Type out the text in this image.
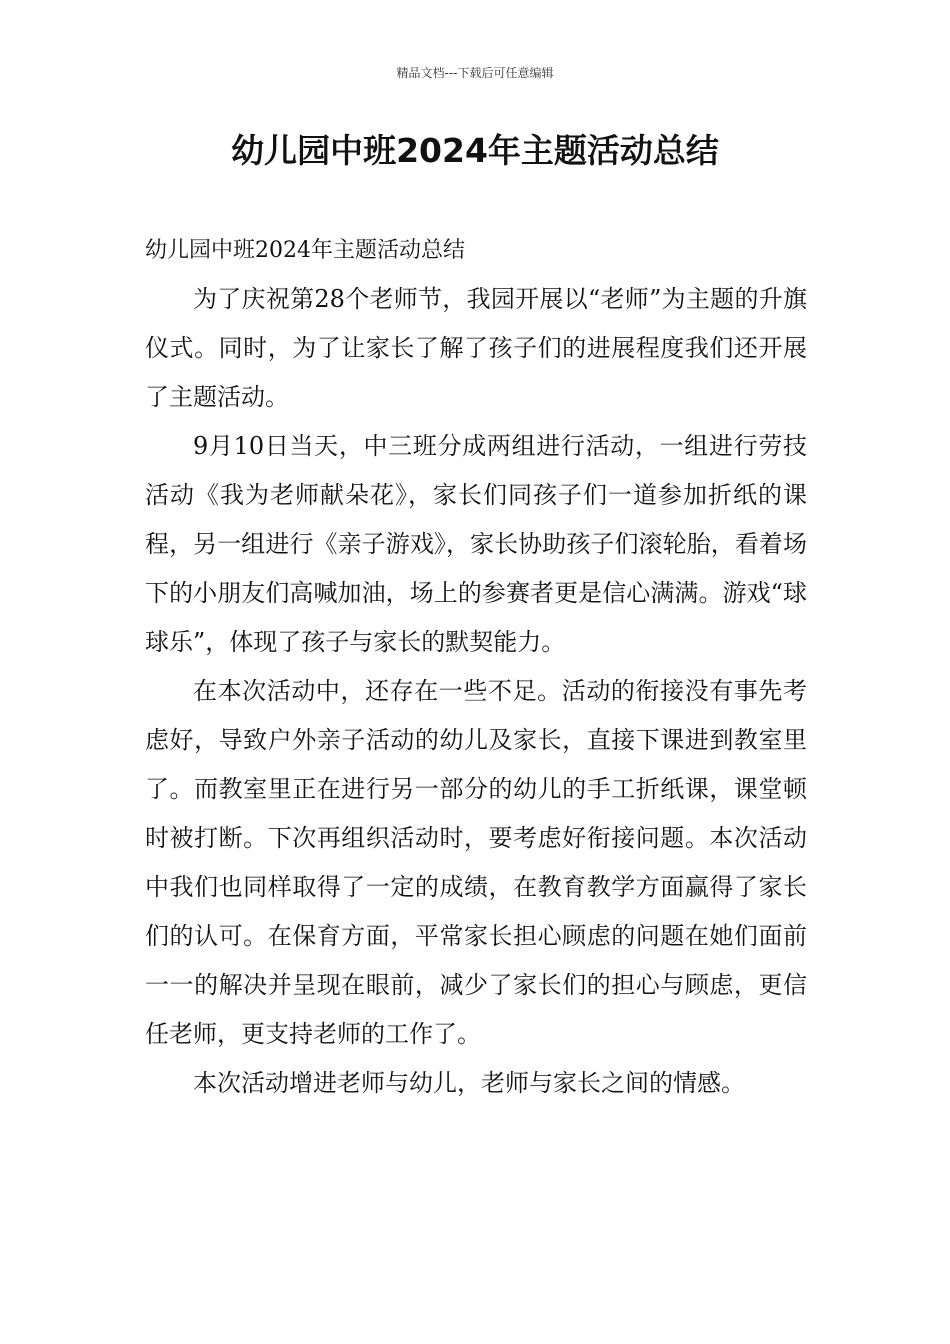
精品文档---下载后可任意编辑
幼儿园中班2024年主题活动总结

幼儿园中班2024年主题活动总结

为了庆祝第28个老师节，我园开展以“老师”为主题的升旗仪式。同时，为了让家长了解了孩子们的进展程度我们还开展了主题活动。

9月10日当天，中三班分成两组进行活动，一组进行劳技活动《我为老师献朵花》，家长们同孩子们一道参加折纸的课程，另一组进行《亲子游戏》，家长协助孩子们滚轮胎，看着场下的小朋友们高喊加油，场上的参赛者更是信心满满。游戏“球球乐”，体现了孩子与家长的默契能力。

在本次活动中，还存在一些不足。活动的衔接没有事先考虑好，导致户外亲子活动的幼儿及家长，直接下课进到教室里了。而教室里正在进行另一部分的幼儿的手工折纸课，课堂顿时被打断。下次再组织活动时，要考虑好衔接问题。本次活动中我们也同样取得了一定的成绩，在教育教学方面赢得了家长们的认可。在保育方面，平常家长担心顾虑的问题在她们面前一一的解决并呈现在眼前，减少了家长们的担心与顾虑，更信任老师，更支持老师的工作了。

本次活动增进老师与幼儿，老师与家长之间的情感。
